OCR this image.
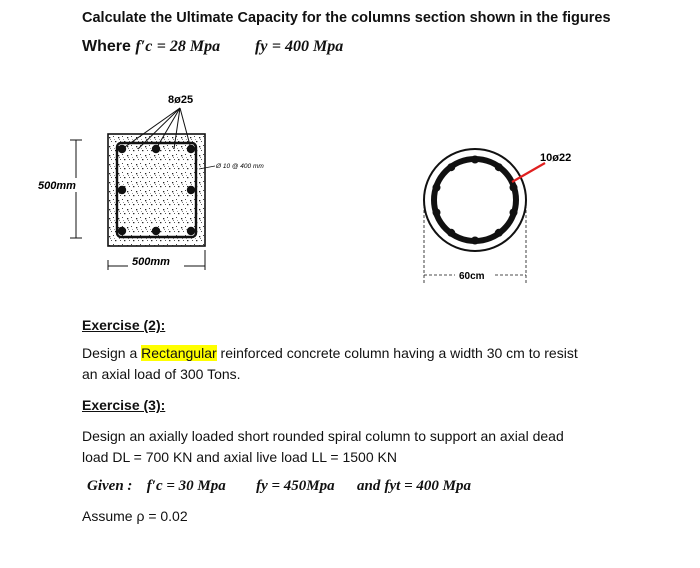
Calculate the Ultimate Capacity for the columns section shown in the figures
Where f′c = 28 Mpa fy = 400 Mpa
8ø25
Ø 10 @ 400 mm
500mm
500mm
10ø22
60cm
Exercise (2):
Design a Rectangular reinforced concrete column having a width 30 cm to resist
an axial load of 300 Tons.
Exercise (3):
Design an axially loaded short rounded spiral column to support an axial dead
load DL = 700 KN and axial live load LL = 1500 KN
Given : f′c = 30 Mpa fy = 450Mpa and fyt = 400 Mpa
Assume ρ = 0.02
